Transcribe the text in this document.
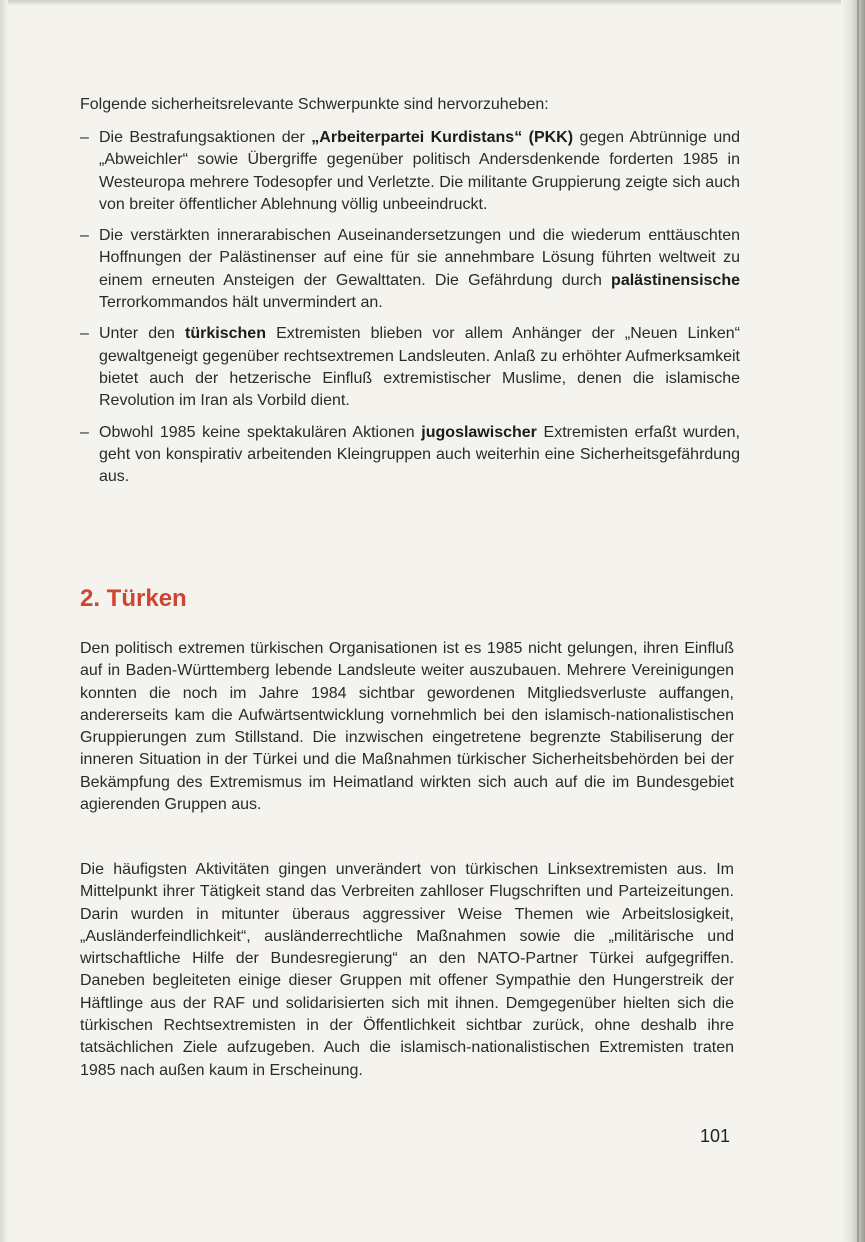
Folgende sicherheitsrelevante Schwerpunkte sind hervorzuheben:

– Die Bestrafungsaktionen der „Arbeiterpartei Kurdistans“ (PKK) gegen Abtrünnige und „Abweichler“ sowie Übergriffe gegenüber politisch Andersdenkende forderten 1985 in Westeuropa mehrere Todesopfer und Verletzte. Die militante Gruppierung zeigte sich auch von breiter öffentlicher Ablehnung völlig unbeeindruckt.
– Die verstärkten innerarabischen Auseinandersetzungen und die wiederum enttäuschten Hoffnungen der Palästinenser auf eine für sie annehmbare Lösung führten weltweit zu einem erneuten Ansteigen der Gewalttaten. Die Gefährdung durch palästinensische Terrorkommandos hält unvermindert an.
– Unter den türkischen Extremisten blieben vor allem Anhänger der „Neuen Linken“ gewaltgeneigt gegenüber rechtsextremen Landsleuten. Anlaß zu erhöhter Aufmerksamkeit bietet auch der hetzerische Einfluß extremistischer Muslime, denen die islamische Revolution im Iran als Vorbild dient.
– Obwohl 1985 keine spektakulären Aktionen jugoslawischer Extremisten erfaßt wurden, geht von konspirativ arbeitenden Kleingruppen auch weiterhin eine Sicherheitsgefährdung aus.
2. Türken

Den politisch extremen türkischen Organisationen ist es 1985 nicht gelungen, ihren Einfluß auf in Baden-Württemberg lebende Landsleute weiter auszubauen. Mehrere Vereinigungen konnten die noch im Jahre 1984 sichtbar gewordenen Mitgliedsverluste auffangen, andererseits kam die Aufwärtsentwicklung vornehmlich bei den islamisch-nationalistischen Gruppierungen zum Stillstand. Die inzwischen eingetretene begrenzte Stabiliserung der inneren Situation in der Türkei und die Maßnahmen türkischer Sicherheitsbehörden bei der Bekämpfung des Extremismus im Heimatland wirkten sich auch auf die im Bundesgebiet agierenden Gruppen aus.

Die häufigsten Aktivitäten gingen unverändert von türkischen Linksextremisten aus. Im Mittelpunkt ihrer Tätigkeit stand das Verbreiten zahlloser Flugschriften und Parteizeitungen. Darin wurden in mitunter überaus aggressiver Weise Themen wie Arbeitslosigkeit, „Ausländerfeindlichkeit“, ausländerrechtliche Maßnahmen sowie die „militärische und wirtschaftliche Hilfe der Bundesregierung“ an den NATO-Partner Türkei aufgegriffen. Daneben begleiteten einige dieser Gruppen mit offener Sympathie den Hungerstreik der Häftlinge aus der RAF und solidarisierten sich mit ihnen. Demgegenüber hielten sich die türkischen Rechtsextremisten in der Öffentlichkeit sichtbar zurück, ohne deshalb ihre tatsächlichen Ziele aufzugeben. Auch die islamisch-nationalistischen Extremisten traten 1985 nach außen kaum in Erscheinung.

101
